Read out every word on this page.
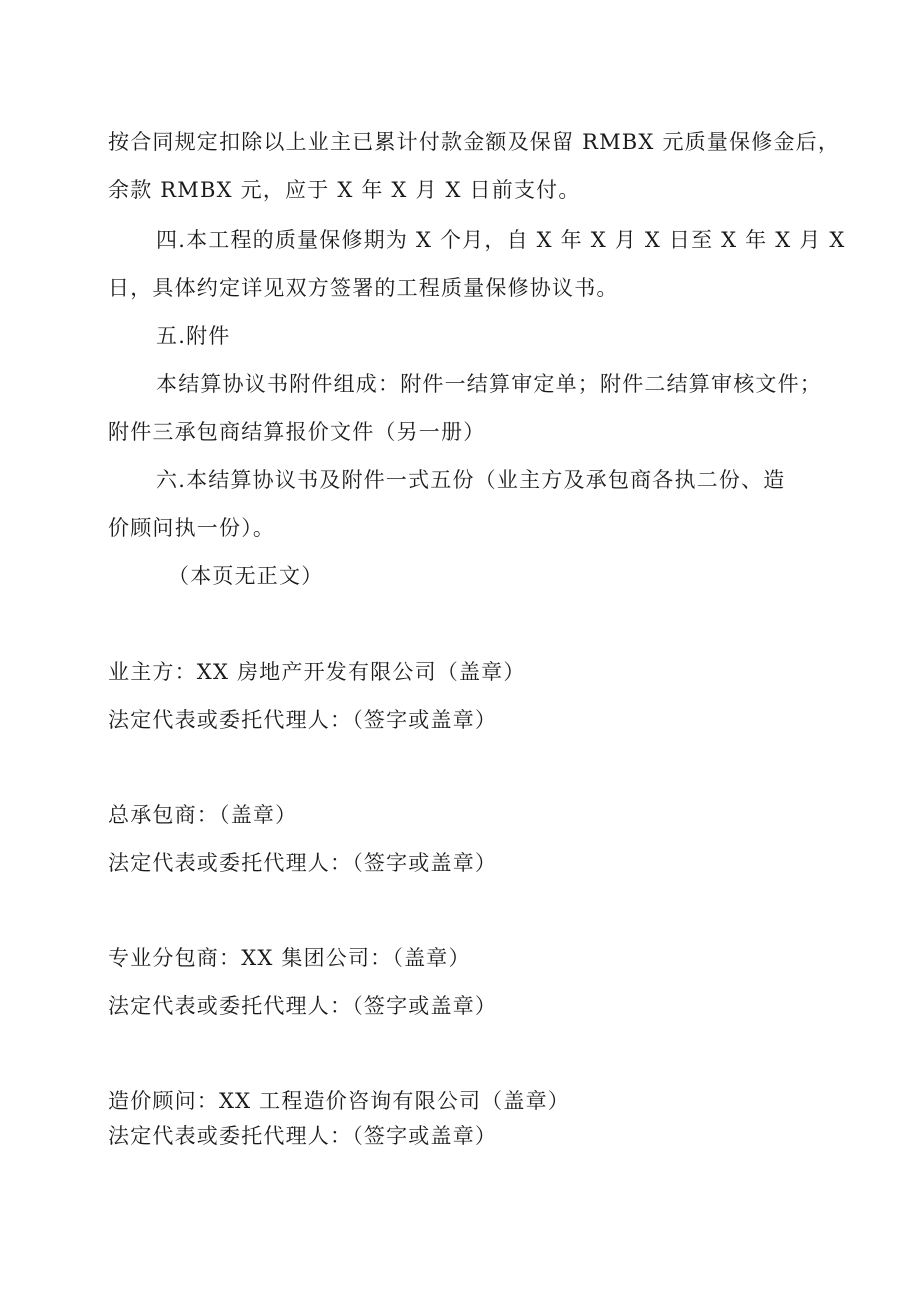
按合同规定扣除以上业主已累计付款金额及保留 RMBX 元质量保修金后，
余款 RMBX 元，应于 X 年 X 月 X 日前支付。
四.本工程的质量保修期为 X 个月，自 X 年 X 月 X 日至 X 年 X 月 X
日，具体约定详见双方签署的工程质量保修协议书。
五.附件
本结算协议书附件组成：附件一结算审定单；附件二结算审核文件；
附件三承包商结算报价文件（另一册）
六.本结算协议书及附件一式五份（业主方及承包商各执二份、造
价顾问执一份）。
（本页无正文）
业主方：XX 房地产开发有限公司（盖章）
法定代表或委托代理人：（签字或盖章）
总承包商：（盖章）
法定代表或委托代理人：（签字或盖章）
专业分包商：XX 集团公司：（盖章）
法定代表或委托代理人：（签字或盖章）
造价顾问：XX 工程造价咨询有限公司（盖章）
法定代表或委托代理人：（签字或盖章）
